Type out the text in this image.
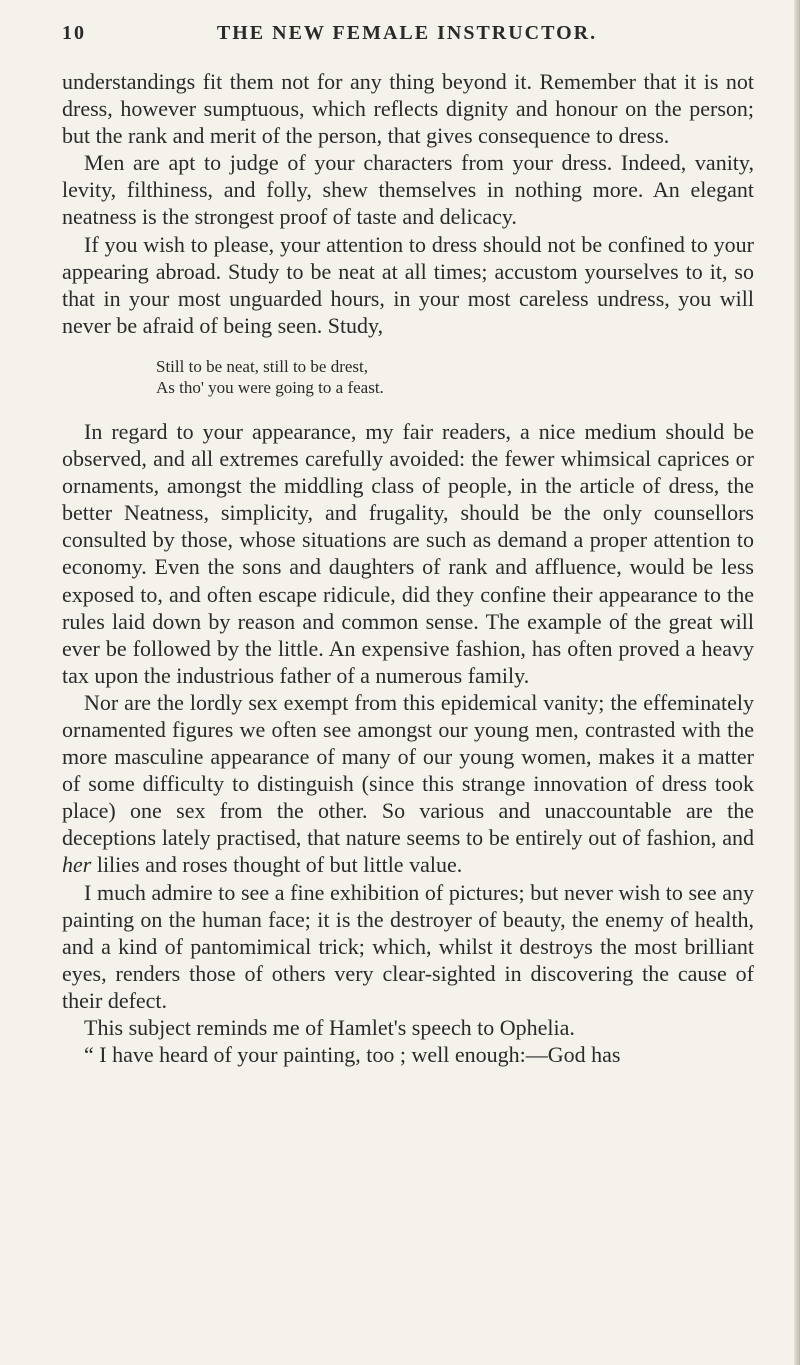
10	THE NEW FEMALE INSTRUCTOR.

understandings fit them not for any thing beyond it. Remember that it is not dress, however sumptuous, which reflects dignity and honour on the person; but the rank and merit of the person, that gives consequence to dress.

Men are apt to judge of your characters from your dress. Indeed, vanity, levity, filthiness, and folly, shew themselves in nothing more. An elegant neatness is the strongest proof of taste and delicacy.

If you wish to please, your attention to dress should not be confined to your appearing abroad. Study to be neat at all times; accustom yourselves to it, so that in your most unguarded hours, in your most careless undress, you will never be afraid of being seen. Study,

Still to be neat, still to be drest,
As tho' you were going to a feast.

In regard to your appearance, my fair readers, a nice medium should be observed, and all extremes carefully avoided: the fewer whimsical caprices or ornaments, amongst the middling class of people, in the article of dress, the better Neatness, simplicity, and frugality, should be the only counsellors consulted by those, whose situations are such as demand a proper attention to economy. Even the sons and daughters of rank and affluence, would be less exposed to, and often escape ridicule, did they confine their appearance to the rules laid down by reason and common sense. The example of the great will ever be followed by the little. An expensive fashion, has often proved a heavy tax upon the industrious father of a numerous family.

Nor are the lordly sex exempt from this epidemical vanity; the effeminately ornamented figures we often see amongst our young men, contrasted with the more masculine appearance of many of our young women, makes it a matter of some difficulty to distinguish (since this strange innovation of dress took place) one sex from the other. So various and unaccountable are the deceptions lately practised, that nature seems to be entirely out of fashion, and her lilies and roses thought of but little value.

I much admire to see a fine exhibition of pictures; but never wish to see any painting on the human face; it is the destroyer of beauty, the enemy of health, and a kind of pantomimical trick; which, whilst it destroys the most brilliant eyes, renders those of others very clear-sighted in discovering the cause of their defect.

This subject reminds me of Hamlet's speech to Ophelia.

“ I have heard of your painting, too ; well enough:—God has
